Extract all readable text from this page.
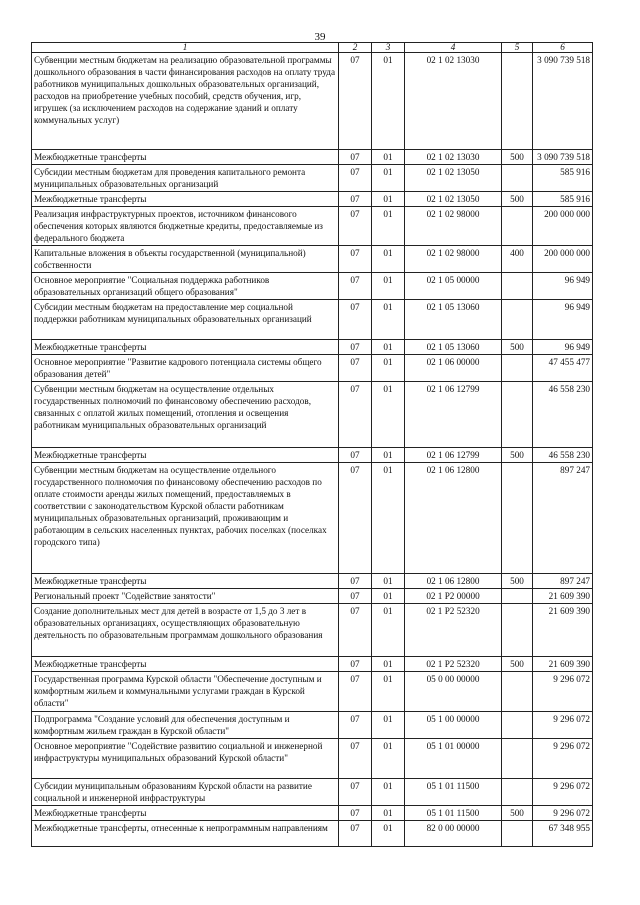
39
1	2	3	4	5	6
Субвенции местным бюджетам на реализацию образовательной программы дошкольного образования в части финансирования расходов на оплату труда работников муниципальных дошкольных образовательных организаций, расходов на приобретение учебных пособий, средств обучения, игр, игрушек (за исключением расходов на содержание зданий и оплату коммунальных услуг)	07	01	02 1 02 13030		3 090 739 518
Межбюджетные трансферты	07	01	02 1 02 13030	500	3 090 739 518
Субсидии местным бюджетам для проведения капитального ремонта муниципальных образовательных организаций	07	01	02 1 02 13050		585 916
Межбюджетные трансферты	07	01	02 1 02 13050	500	585 916
Реализация инфраструктурных проектов, источником финансового обеспечения которых являются бюджетные кредиты, предоставляемые из федерального бюджета	07	01	02 1 02 98000		200 000 000
Капитальные вложения в объекты государственной (муниципальной) собственности	07	01	02 1 02 98000	400	200 000 000
Основное мероприятие "Социальная поддержка работников образовательных организаций общего образования"	07	01	02 1 05 00000		96 949
Субсидии местным бюджетам на предоставление мер социальной поддержки работникам муниципальных образовательных организаций	07	01	02 1 05 13060		96 949
Межбюджетные трансферты	07	01	02 1 05 13060	500	96 949
Основное мероприятие "Развитие кадрового потенциала системы общего образования детей"	07	01	02 1 06 00000		47 455 477
Субвенции местным бюджетам на осуществление отдельных государственных полномочий по финансовому обеспечению расходов, связанных с оплатой жилых помещений, отопления и освещения работникам муниципальных образовательных организаций	07	01	02 1 06 12799		46 558 230
Межбюджетные трансферты	07	01	02 1 06 12799	500	46 558 230
Субвенции местным бюджетам на осуществление отдельного государственного полномочия по финансовому обеспечению расходов по оплате стоимости аренды жилых помещений, предоставляемых в соответствии с законодательством Курской области работникам муниципальных образовательных организаций, проживающим и работающим в сельских населенных пунктах, рабочих поселках (поселках городского типа)	07	01	02 1 06 12800		897 247
Межбюджетные трансферты	07	01	02 1 06 12800	500	897 247
Региональный проект "Содействие занятости"	07	01	02 1 P2 00000		21 609 390
Создание дополнительных мест для детей в возрасте от 1,5 до 3 лет в образовательных организациях, осуществляющих образовательную деятельность по образовательным программам дошкольного образования	07	01	02 1 P2 52320		21 609 390
Межбюджетные трансферты	07	01	02 1 P2 52320	500	21 609 390
Государственная программа Курской области "Обеспечение доступным и комфортным жильем и коммунальными услугами граждан в Курской области"	07	01	05 0 00 00000		9 296 072
Подпрограмма "Создание условий для обеспечения доступным и комфортным жильем граждан в Курской области"	07	01	05 1 00 00000		9 296 072
Основное мероприятие "Содействие развитию социальной и инженерной инфраструктуры муниципальных образований Курской области"	07	01	05 1 01 00000		9 296 072
Субсидии муниципальным образованиям Курской области на развитие социальной и инженерной инфраструктуры	07	01	05 1 01 11500		9 296 072
Межбюджетные трансферты	07	01	05 1 01 11500	500	9 296 072
Межбюджетные трансферты, отнесенные к непрограммным направлениям	07	01	82 0 00 00000		67 348 955
